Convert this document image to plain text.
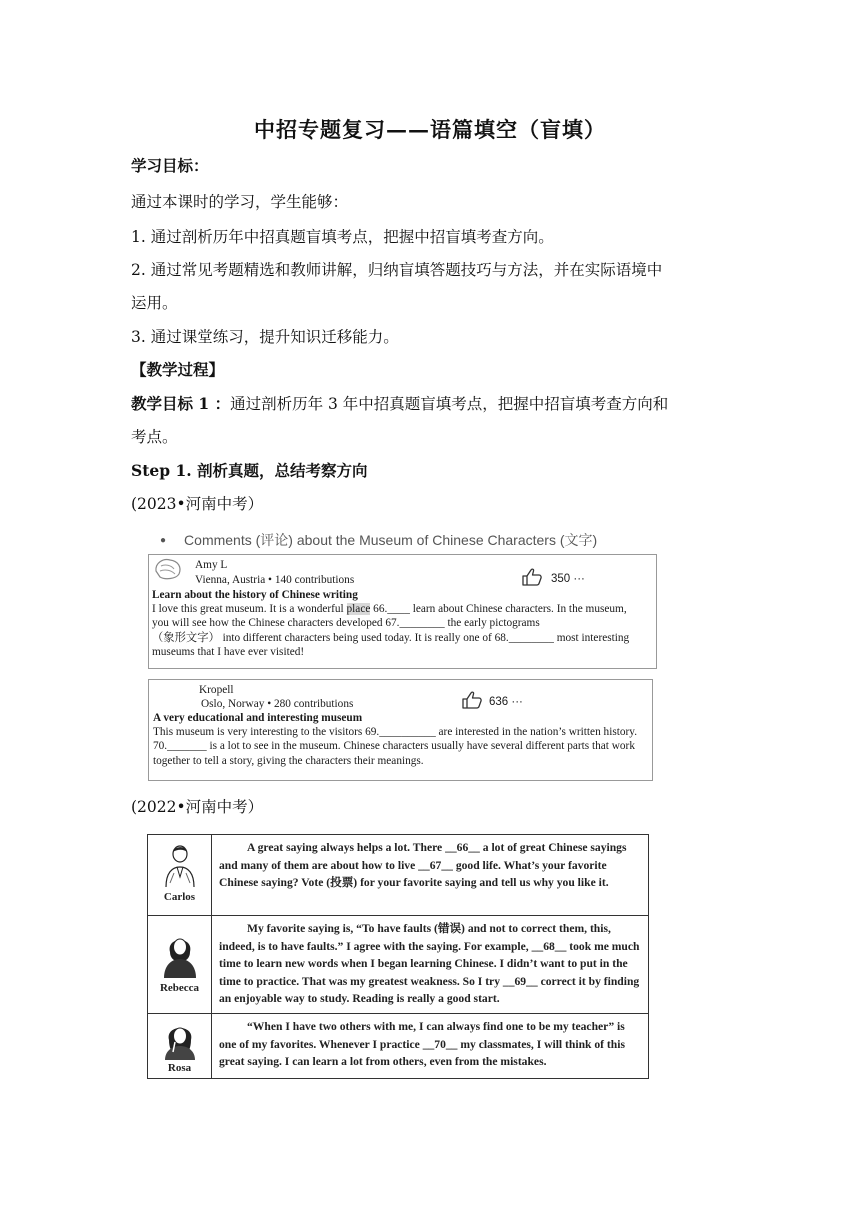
中招专题复习——语篇填空（盲填）
学习目标：
通过本课时的学习，学生能够：
1. 通过剖析历年中招真题盲填考点，把握中招盲填考查方向。
2. 通过常见考题精选和教师讲解，归纳盲填答题技巧与方法，并在实际语境中
运用。
3. 通过课堂练习，提升知识迁移能力。
【教学过程】
教学目标 1 ：通过剖析历年 3 年中招真题盲填考点，把握中招盲填考查方向和
考点。
Step 1. 剖析真题，总结考察方向
(2023•河南中考）
● Comments (评论) about the Museum of Chinese Characters (文字)
Amy L
Vienna, Austria • 140 contributions	350 ···
Learn about the history of Chinese writing
I love this great museum. It is a wonderful place 66.____ learn about Chinese characters. In the museum,
you will see how the Chinese characters developed 67.________ the early pictograms
（象形文字） into different characters being used today. It is really one of 68.________ most interesting
museums that I have ever visited!
Kropell
Oslo, Norway • 280 contributions	636 ···
A very educational and interesting museum
This museum is very interesting to the visitors 69.__________ are interested in the nation’s written history.
70._______ is a lot to see in the museum. Chinese characters usually have several different parts that work
together to tell a story, giving the characters their meanings.
(2022•河南中考）
Carlos	A great saying always helps a lot. There __66__ a lot of great Chinese sayings and many of them are about how to live __67__ good life. What’s your favorite Chinese saying? Vote (投票) for your favorite saying and tell us why you like it.

Rebecca	My favorite saying is, “To have faults (错误) and not to correct them, this, indeed, is to have faults.” I agree with the saying. For example, __68__ took me much time to learn new words when I began learning Chinese. I didn’t want to put in the time to practice. That was my greatest weakness. So I try __69__ correct it by finding an enjoyable way to study. Reading is really a good start.

Rosa	“When I have two others with me, I can always find one to be my teacher” is one of my favorites. Whenever I practice __70__ my classmates, I will think of this great saying. I can learn a lot from others, even from the mistakes.
